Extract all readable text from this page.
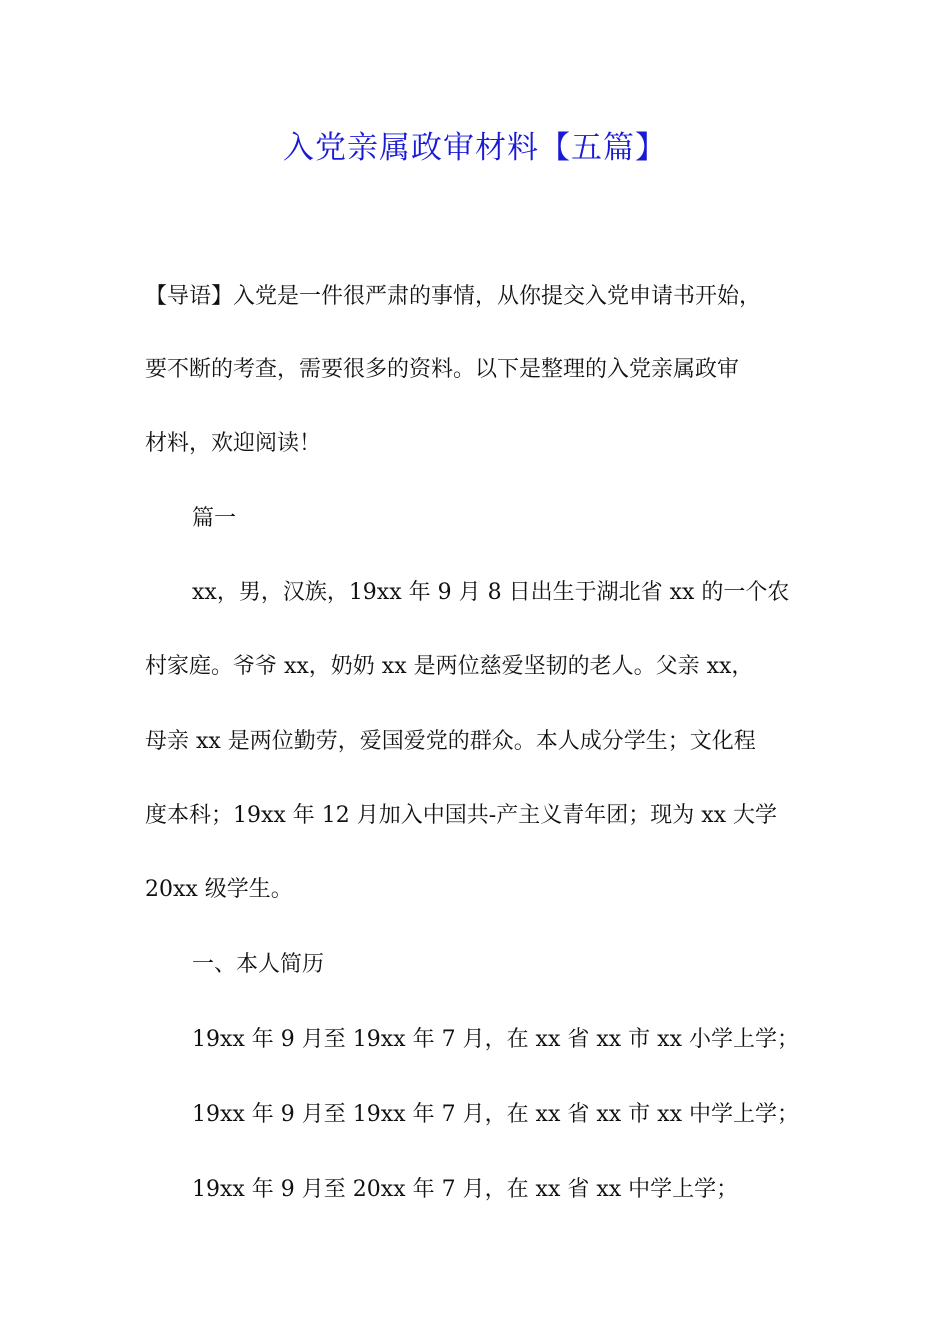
入党亲属政审材料【五篇】

【导语】入党是一件很严肃的事情，从你提交入党申请书开始，

要不断的考查，需要很多的资料。以下是整理的入党亲属政审

材料，欢迎阅读！

篇一

xx，男，汉族，19xx 年 9 月 8 日出生于湖北省 xx 的一个农

村家庭。爷爷 xx，奶奶 xx 是两位慈爱坚韧的老人。父亲 xx，

母亲 xx 是两位勤劳，爱国爱党的群众。本人成分学生；文化程

度本科；19xx 年 12 月加入中国共-产主义青年团；现为 xx 大学

20xx 级学生。

一、本人简历

19xx 年 9 月至 19xx 年 7 月，在 xx 省 xx 市 xx 小学上学；

19xx 年 9 月至 19xx 年 7 月，在 xx 省 xx 市 xx 中学上学；

19xx 年 9 月至 20xx 年 7 月，在 xx 省 xx 中学上学；
